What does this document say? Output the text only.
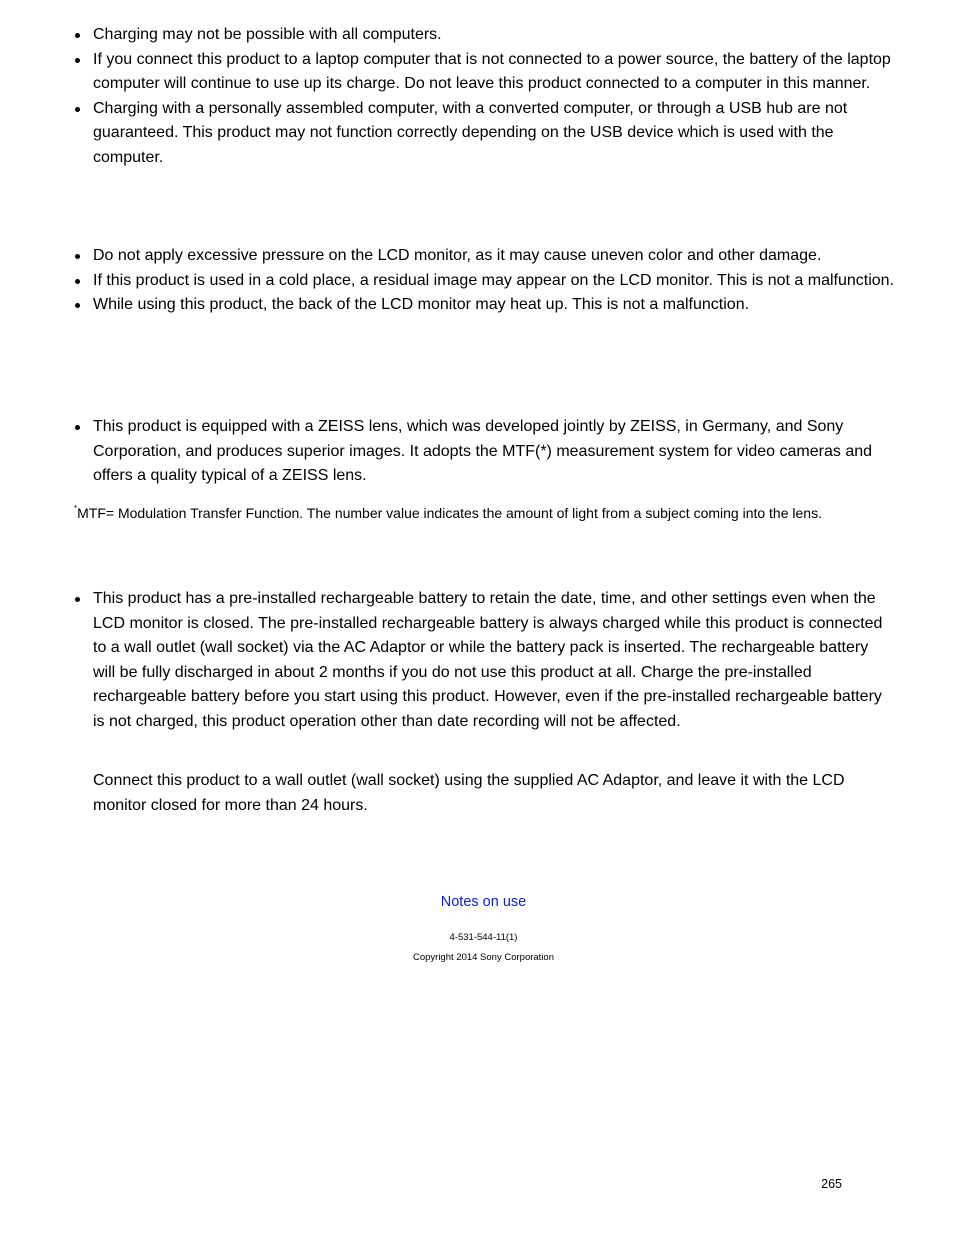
Charging may not be possible with all computers.
If you connect this product to a laptop computer that is not connected to a power source, the battery of the laptop computer will continue to use up its charge. Do not leave this product connected to a computer in this manner.
Charging with a personally assembled computer, with a converted computer, or through a USB hub are not guaranteed. This product may not function correctly depending on the USB device which is used with the computer.
Do not apply excessive pressure on the LCD monitor, as it may cause uneven color and other damage.
If this product is used in a cold place, a residual image may appear on the LCD monitor. This is not a malfunction.
While using this product, the back of the LCD monitor may heat up. This is not a malfunction.
This product is equipped with a ZEISS lens, which was developed jointly by ZEISS, in Germany, and Sony Corporation, and produces superior images. It adopts the MTF(*) measurement system for video cameras and offers a quality typical of a ZEISS lens.
*MTF= Modulation Transfer Function. The number value indicates the amount of light from a subject coming into the lens.
This product has a pre-installed rechargeable battery to retain the date, time, and other settings even when the LCD monitor is closed. The pre-installed rechargeable battery is always charged while this product is connected to a wall outlet (wall socket) via the AC Adaptor or while the battery pack is inserted. The rechargeable battery will be fully discharged in about 2 months if you do not use this product at all. Charge the pre-installed rechargeable battery before you start using this product. However, even if the pre-installed rechargeable battery is not charged, this product operation other than date recording will not be affected.
Connect this product to a wall outlet (wall socket) using the supplied AC Adaptor, and leave it with the LCD monitor closed for more than 24 hours.
Notes on use
4-531-544-11(1)
Copyright 2014 Sony Corporation
265
